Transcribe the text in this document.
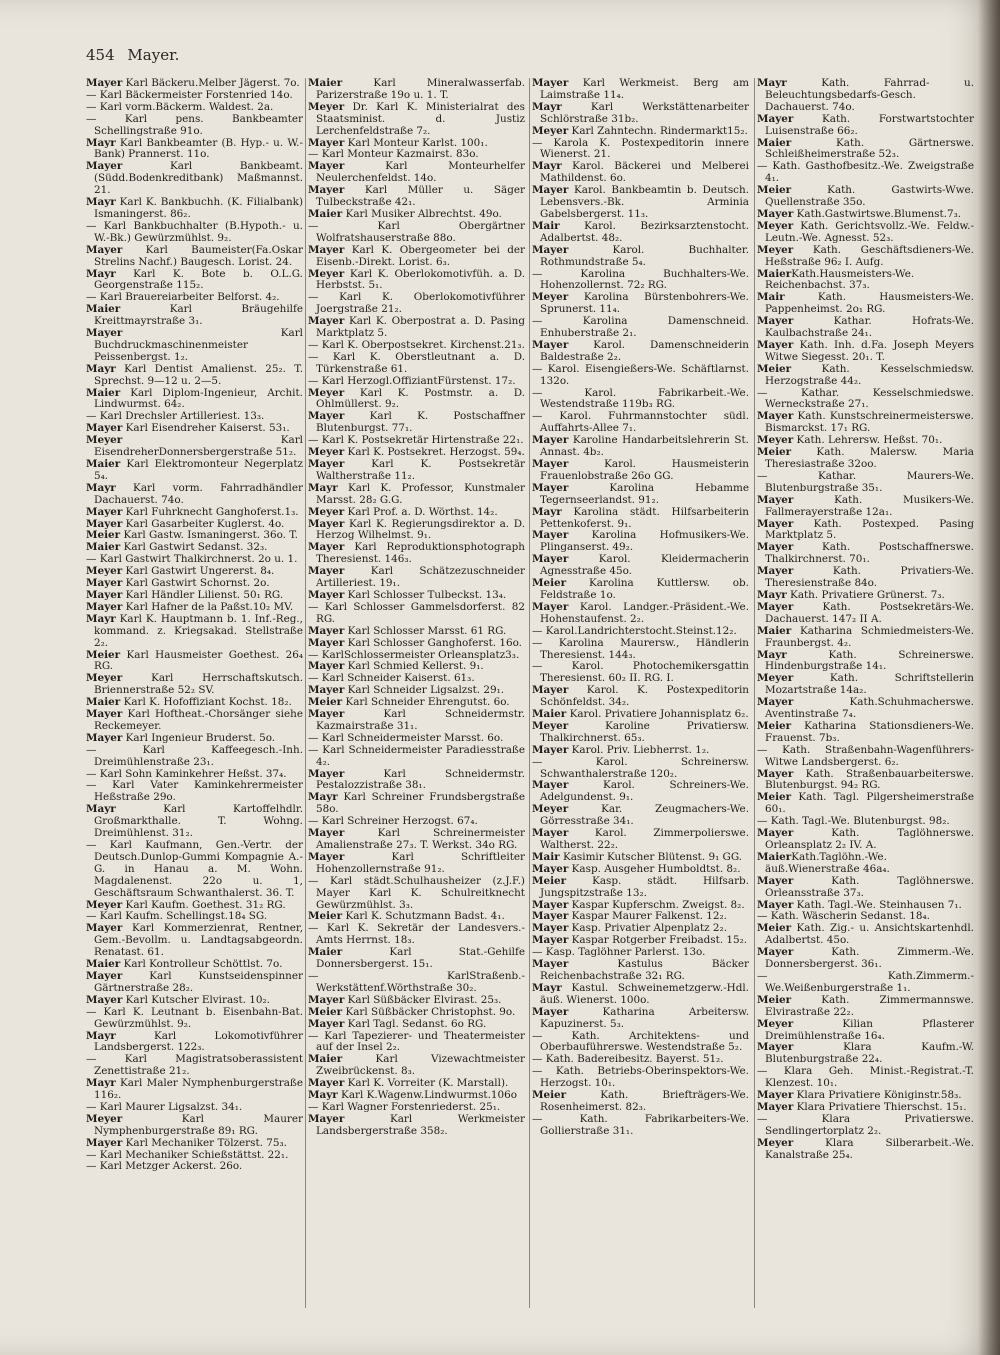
454 Mayer.
Mayer Karl Bäckeru.Melber Jägerst. 7o.
— Karl Bäckermeister Forstenried 14o.
— Karl vorm.Bäckerm. Waldest. 2a.
— Karl pens. Bankbeamter Schellingstraße 91o.
Mayr Karl Bankbeamter (B. Hyp.- u. W.-Bank) Prannerst. 11o.
Mayer Karl Bankbeamt. (Südd.Bodenkreditbank) Maßmannst. 21.
Mayr Karl K. Bankbuchh. (K. Filialbank) Ismaningerst. 86₂.
— Karl Bankbuchhalter (B.Hypoth.- u. W.-Bk.) Gewürzmühlst. 9₂.
Mayer Karl Baumeister(Fa.Oskar Strelins Nachf.) Baugesch. Lorist. 24.
Mayr Karl K. Bote b. O.L.G. Georgenstraße 115₂.
— Karl Brauereiarbeiter Belforst. 4₂.
Maier Karl Bräugehilfe Kreittmayrstraße 3₁.
Mayer Karl Buchdruckmaschinenmeister Peissenbergst. 1₂.
Mayr Karl Dentist Amalienst. 25₂. T. Sprechst. 9—12 u. 2—5.
Maier Karl Diplom-Ingenieur, Archit. Lindwurmst. 64₂.
— Karl Drechsler Artilleriest. 13₃.
Mayer Karl Eisendreher Kaiserst. 53₁.
Meyer Karl EisendreherDonnersbergerstraße 51₂.
Maier Karl Elektromonteur Negerplatz 5₄.
Mayr Karl vorm. Fahrradhändler Dachauerst. 74o.
Mayer Karl Fuhrknecht Ganghoferst.1₃.
Mayer Karl Gasarbeiter Kuglerst. 4o.
Meier Karl Gastw. Ismaningerst. 36o. T.
Maier Karl Gastwirt Sedanst. 32₃.
— Karl Gastwirt Thalkirchnerst. 2o u. 1.
Meyer Karl Gastwirt Ungererst. 8₄.
Mayer Karl Gastwirt Schornst. 2o.
Mayer Karl Händler Lilienst. 50₁ RG.
Mayer Karl Hafner de la Paßst.10₂ MV.
Mayr Karl K. Hauptmann b. 1. Inf.-Reg., kommand. z. Kriegsakad. Stellstraße 2₂.
Meier Karl Hausmeister Goethest. 26₄ RG.
Meyer Karl Herrschaftskutsch. Briennerstraße 52₂ SV.
Maier Karl K. Hofoffiziant Kochst. 18₂.
Mayer Karl Hoftheat.-Chorsänger siehe Reckemeyer.
Mayer Karl Ingenieur Bruderst. 5o.
— Karl Kaffeegesch.-Inh. Dreimühlenstraße 23₁.
— Karl Sohn Kaminkehrer Heßst. 37₄.
— Karl Vater Kaminkehrermeister Heßstraße 29o.
Mayr Karl Kartoffelhdlr. Großmarkthalle. T. Wohng. Dreimühlenst. 31₂.
— Karl Kaufmann, Gen.-Vertr. der Deutsch.Dunlop-Gummi Kompagnie A.-G. in Hanau a. M. Wohn. Magdalenenst. 22o u. 1, Geschäftsraum Schwanthalerst. 36. T.
Meyer Karl Kaufm. Goethest. 31₂ RG.
— Karl Kaufm. Schellingst.18₄ SG.
Mayer Karl Kommerzienrat, Rentner, Gem.-Bevollm. u. Landtagsabgeordn. Renatast. 61.
Maier Karl Kontrolleur Schöttlst. 7o.
Mayer Karl Kunstseidenspinner Gärtnerstraße 28₂.
Mayer Karl Kutscher Elvirast. 10₂.
— Karl K. Leutnant b. Eisenbahn-Bat. Gewürzmühlst. 9₂.
Mayr Karl Lokomotivführer Landsbergerst. 122₃.
— Karl Magistratsoberassistent Zenettistraße 21₂.
Mayr Karl Maler Nymphenburgerstraße 116₂.
— Karl Maurer Ligsalzst. 34₁.
Meyer Karl Maurer Nymphenburgerstraße 89₁ RG.
Mayer Karl Mechaniker Tölzerst. 75₃.
— Karl Mechaniker Schießstättst. 22₁.
— Karl Metzger Ackerst. 26o.
Maier Karl Mineralwasserfab. Parizerstraße 19o u. 1. T.
Meyer Dr. Karl K. Ministerialrat des Staatsminist. d. Justiz Lerchenfeldstraße 7₂.
Mayer Karl Monteur Karlst. 100₁.
— Karl Monteur Kazmairst. 83o.
Mayer Karl Monteurhelfer Neulerchenfeldst. 14o.
Mayer Karl Müller u. Säger Tulbeckstraße 42₁.
Maier Karl Musiker Albrechtst. 49o.
— Karl Obergärtner Wolfratshauserstraße 88o.
Mayer Karl K. Obergeometer bei der Eisenb.-Direkt. Lorist. 6₃.
Meyer Karl K. Oberlokomotivfüh. a. D. Herbstst. 5₁.
— Karl K. Oberlokomotivführer Joergstraße 21₂.
Mayer Karl K. Oberpostrat a. D. Pasing Marktplatz 5.
— Karl K. Oberpostsekret. Kirchenst.21₃.
— Karl K. Oberstleutnant a. D. Türkenstraße 61.
— Karl Herzogl.OffiziantFürstenst. 17₂.
Meyer Karl K. Postmstr. a. D. Ohlmüllerst. 9₂.
Mayer Karl K. Postschaffner Blutenburgst. 77₁.
— Karl K. Postsekretär Hirtenstraße 22₁.
Meyer Karl K. Postsekret. Herzogst. 59₄.
Mayer Karl K. Postsekretär Waltherstraße 11₂.
Mayr Karl K. Professor, Kunstmaler Marsst. 28₂ G.G.
Meyer Karl Prof. a. D. Wörthst. 14₂.
Mayer Karl K. Regierungsdirektor a. D. Herzog Wilhelmst. 9₁.
Mayer Karl Reproduktionsphotograph Theresienst. 146₃.
Mayer Karl Schätzezuschneider Artilleriest. 19₁.
Mayer Karl Schlosser Tulbeckst. 13₄.
— Karl Schlosser Gammelsdorferst. 82 RG.
Mayer Karl Schlosser Marsst. 61 RG.
Mayer Karl Schlosser Ganghoferst. 16o.
— KarlSchlossermeister Orleansplatz3₃.
Mayer Karl Schmied Kellerst. 9₁.
— Karl Schneider Kaiserst. 61₃.
Mayer Karl Schneider Ligsalzst. 29₁.
Meier Karl Schneider Ehrengutst. 6o.
Mayer Karl Schneidermstr. Kazmairstraße 31₁.
— Karl Schneidermeister Marsst. 6o.
— Karl Schneidermeister Paradiesstraße 4₂.
Mayer Karl Schneidermstr. Pestalozzistraße 38₁.
Mayr Karl Schreiner Frundsbergstraße 58o.
— Karl Schreiner Herzogst. 67₄.
Mayer Karl Schreinermeister Amalienstraße 27₃. T. Werkst. 34o RG.
Mayer Karl Schriftleiter Hohenzollernstraße 91₂.
— Karl städt.Schulhausheizer (z.J.F.) Mayer Karl K. Schulreitknecht Gewürzmühlst. 3₃.
Meier Karl K. Schutzmann Badst. 4₁.
— Karl K. Sekretär der Landesvers.-Amts Herrnst. 18₃.
Maier Karl Stat.-Gehilfe Donnersbergerst. 15₁.
— KarlStraßenb.-Werkstättenf.Wörthstraße 30₂.
Mayer Karl Süßbäcker Elvirast. 25₃.
Meier Karl Süßbäcker Christophst. 9o.
Mayer Karl Tagl. Sedanst. 6o RG.
— Karl Tapezierer- und Theatermeister auf der Insel 2₂.
Maier Karl Vizewachtmeister Zweibrückenst. 8₃.
Mayer Karl K. Vorreiter (K. Marstall).
Mayr Karl K.Wagenw.Lindwurmst.106o
— Karl Wagner Forstenriederst. 25₁.
Mayer Karl Werkmeister Landsbergerstraße 358₂.
Mayer Karl Werkmeist. Berg am Laimstraße 11₄.
Mayr Karl Werkstättenarbeiter Schlörstraße 31b₂.
Meyer Karl Zahntechn. Rindermarkt15₂.
— Karola K. Postexpeditorin innere Wienerst. 21.
Mayr Karol. Bäckerei und Melberei Mathildenst. 6o.
Mayer Karol. Bankbeamtin b. Deutsch. Lebensvers.-Bk. Arminia Gabelsbergerst. 11₃.
Mair Karol. Bezirksarztenstocht. Adalbertst. 48₂.
Mayer Karol. Buchhalter. Rothmundstraße 5₄.
— Karolina Buchhalters-We. Hohenzollernst. 72₂ RG.
Meyer Karolina Bürstenbohrers-We. Sprunerst. 11₄.
— Karolina Damenschneid. Enhuberstraße 2₁.
Mayer Karol. Damenschneiderin Baldestraße 2₂.
— Karol. Eisengießers-We. Schäftlarnst. 132o.
— Karol. Fabrikarbeit.-We. Westendstraße 119b₃ RG.
— Karol. Fuhrmannstochter südl. Auffahrts-Allee 7₁.
Mayer Karoline Handarbeitslehrerin St. Annast. 4b₂.
Mayer Karol. Hausmeisterin Frauenlobstraße 26o GG.
Mayer Karolina Hebamme Tegernseerlandst. 91₂.
Mayr Karolina städt. Hilfsarbeiterin Pettenkoferst. 9₁.
Mayer Karolina Hofmusikers-We. Plinganserst. 49₂.
Mayer Karol. Kleidermacherin Agnesstraße 45o.
Meier Karolina Kuttlersw. ob. Feldstraße 1o.
Mayer Karol. Landger.-Präsident.-We. Hohenstaufenst. 2₂.
— Karol.Landrichterstocht.Steinst.12₂.
— Karolina Maurersw., Händlerin Theresienst. 144₃.
— Karol. Photochemikersgattin Theresienst. 60₂ II. RG. I.
Mayer Karol. K. Postexpeditorin Schönfeldst. 34₂.
Maier Karol. Privatiere Johannisplatz 6₂.
Meyer Karoline Privatiersw. Thalkirchnerst. 65₃.
Mayer Karol. Priv. Liebherrst. 1₂.
— Karol. Schreinersw. Schwanthalerstraße 120₂.
Mayer Karol. Schreiners-We. Adelgundenst. 9₁.
Meyer Kar. Zeugmachers-We. Görresstraße 34₁.
Mayer Karol. Zimmerpolierswe. Waltherst. 22₂.
Mair Kasimir Kutscher Blütenst. 9₁ GG.
Mayer Kasp. Ausgeher Humboldtst. 8₂.
Meier Kasp. städt. Hilfsarb. Jungspitzstraße 13₂.
Mayer Kaspar Kupferschm. Zweigst. 8₂.
Mayer Kaspar Maurer Falkenst. 12₂.
Mayer Kasp. Privatier Alpenplatz 2₂.
Mayer Kaspar Rotgerber Freibadst. 15₂.
— Kasp. Taglöhner Parlerst. 13o.
Mayer Kastulus Bäcker Reichenbachstraße 32₁ RG.
Mayr Kastul. Schweinemetzgerw.-Hdl. äuß. Wienerst. 100o.
Mayer Katharina Arbeitersw. Kapuzinerst. 5₃.
— Kath. Architektens- und Oberbauführerswe. Westendstraße 5₂.
— Kath. Badereibesitz. Bayerst. 51₂.
— Kath. Betriebs-Oberinspektors-We. Herzogst. 10₁.
Meier Kath. Briefträgers-We. Rosenheimerst. 82₃.
— Kath. Fabrikarbeiters-We. Gollierstraße 31₁.
Mayr Kath. Fahrrad- u. Beleuchtungsbedarfs-Gesch. Dachauerst. 74o.
Mayer Kath. Forstwartstochter Luisenstraße 66₂.
Maier Kath. Gärtnerswe. Schleißheimerstraße 52₃.
— Kath. Gasthofbesitz.-We. Zweigstraße 4₁.
Meier Kath. Gastwirts-Wwe. Quellenstraße 35o.
Mayer Kath.Gastwirtswe.Blumenst.7₃.
Meyer Kath. Gerichtsvollz.-We. Feldw.-Leutn.-We. Agnesst. 52₃.
Meyer Kath. Geschäftsdieners-We. Heßstraße 96₂ I. Aufg.
MaierKath.Hausmeisters-We. Reichenbachst. 37₃.
Mair Kath. Hausmeisters-We. Pappenheimst. 2o₁ RG.
Mayer Kathar. Hofrats-We. Kaulbachstraße 24₁.
Mayer Kath. Inh. d.Fa. Joseph Meyers Witwe Siegesst. 20₁. T.
Meier Kath. Kesselschmiedsw. Herzogstraße 44₂.
— Kathar. Kesselschmiedswe. Werneckstraße 27₁.
Mayer Kath. Kunstschreinermeisterswe. Bismarckst. 17₁ RG.
Meyer Kath. Lehrersw. Heßst. 70₁.
Meier Kath. Malersw. Maria Theresiastraße 32oo.
— Kathar. Maurers-We. Blutenburgstraße 35₁.
Mayer Kath. Musikers-We. Fallmerayerstraße 12a₁.
Mayer Kath. Postexped. Pasing Marktplatz 5.
Mayer Kath. Postschaffnerswe. Thalkirchnerst. 70₁.
Mayer Kath. Privatiers-We. Theresienstraße 84o.
Mayr Kath. Privatiere Grünerst. 7₃.
Mayer Kath. Postsekretärs-We. Dachauerst. 147₂ II A.
Maier Katharina Schmiedmeisters-We. Fraunbergst. 4₂.
Mayr Kath. Schreinerswe. Hindenburgstraße 14₁.
Meyer Kath. Schriftstellerin Mozartstraße 14a₂.
Mayer Kath.Schuhmacherswe. Aventinstraße 7₄.
Meier Katharina Stationsdieners-We. Frauenst. 7b₃.
— Kath. Straßenbahn-Wagenführers-Witwe Landsbergerst. 6₂.
Mayer Kath. Straßenbauarbeiterswe. Blutenburgst. 94₂ RG.
Meier Kath. Tagl. Pilgersheimerstraße 60₁.
— Kath. Tagl.-We. Blutenburgst. 98₂.
Mayer Kath. Taglöhnerswe. Orleansplatz 2₂ IV. A.
MaierKath.Taglöhn.-We. äuß.Wienerstraße 46a₄.
Mayer Kath. Taglöhnerswe. Orleansstraße 37₃.
Mayer Kath. Tagl.-We. Steinhausen 7₁.
— Kath. Wäscherin Sedanst. 18₄.
Meier Kath. Zig.- u. Ansichtskartenhdl. Adalbertst. 45o.
Mayer Kath. Zimmerm.-We. Donnersbergerst. 36₁.
— Kath.Zimmerm.-We.Weißenburgerstraße 1₁.
Meier Kath. Zimmermannswe. Elvirastraße 22₂.
Meyer Kilian Pflasterer Dreimühlenstraße 16₄.
Mayer Klara Kaufm.-W. Blutenburgstraße 22₄.
— Klara Geh. Minist.-Registrat.-T. Klenzest. 10₁.
Mayer Klara Privatiere Königinstr.58₃.
Mayer Klara Privatiere Thierschst. 15₁.
— Klara Privatierswe. Sendlingertorplatz 2₂.
Meyer Klara Silberarbeit.-We. Kanalstraße 25₄.
